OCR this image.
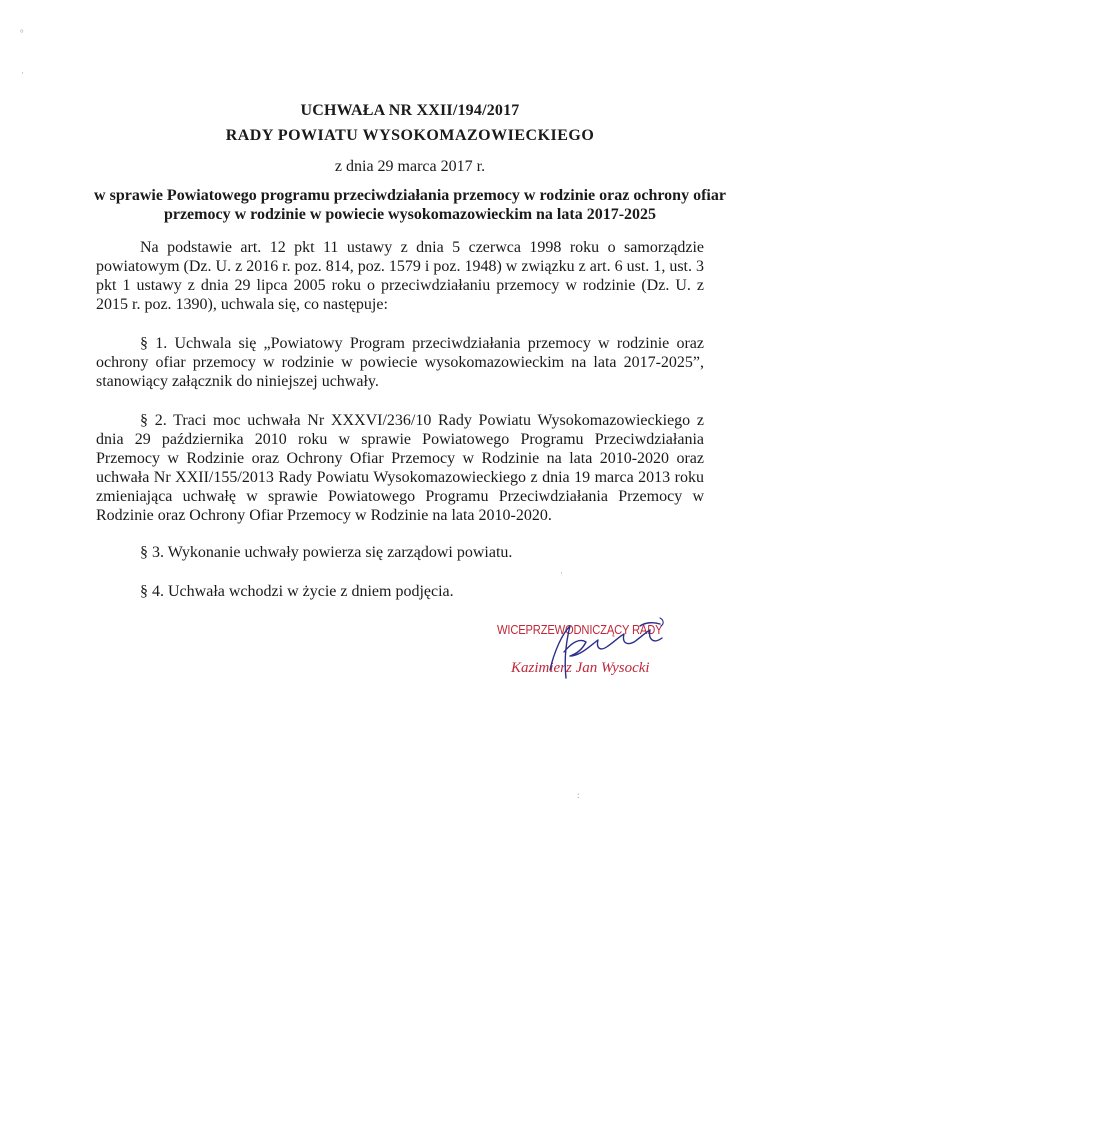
°
·
UCHWAŁA NR XXII/194/2017
RADY POWIATU WYSOKOMAZOWIECKIEGO
z dnia 29 marca 2017 r.
w sprawie Powiatowego programu przeciwdziałania przemocy w rodzinie oraz ochrony ofiar przemocy w rodzinie w powiecie wysokomazowieckim na lata 2017-2025
Na podstawie art. 12 pkt 11 ustawy z dnia 5 czerwca 1998 roku o samorządzie powiatowym (Dz. U. z 2016 r. poz. 814, poz. 1579 i poz. 1948) w związku z art. 6 ust. 1, ust. 3 pkt 1 ustawy z dnia 29 lipca 2005 roku o przeciwdziałaniu przemocy w rodzinie (Dz. U. z 2015 r. poz. 1390), uchwala się, co następuje:
§ 1. Uchwala się „Powiatowy Program przeciwdziałania przemocy w rodzinie oraz ochrony ofiar przemocy w rodzinie w powiecie wysokomazowieckim na lata 2017-2025”, stanowiący załącznik do niniejszej uchwały.
§ 2. Traci moc uchwała Nr XXXVI/236/10 Rady Powiatu Wysokomazowieckiego z dnia 29 października 2010 roku w sprawie Powiatowego Programu Przeciwdziałania Przemocy w Rodzinie oraz Ochrony Ofiar Przemocy w Rodzinie na lata 2010-2020 oraz uchwała Nr XXII/155/2013 Rady Powiatu Wysokomazowieckiego z dnia 19 marca 2013 roku zmieniająca uchwałę w sprawie Powiatowego Programu Przeciwdziałania Przemocy w Rodzinie oraz Ochrony Ofiar Przemocy w Rodzinie na lata 2010-2020.
§ 3. Wykonanie uchwały powierza się zarządowi powiatu.
§ 4. Uchwała wchodzi w życie z dniem podjęcia.
WICEPRZEWODNICZĄCY RADY
Kazimierz Jan Wysocki
·
:
